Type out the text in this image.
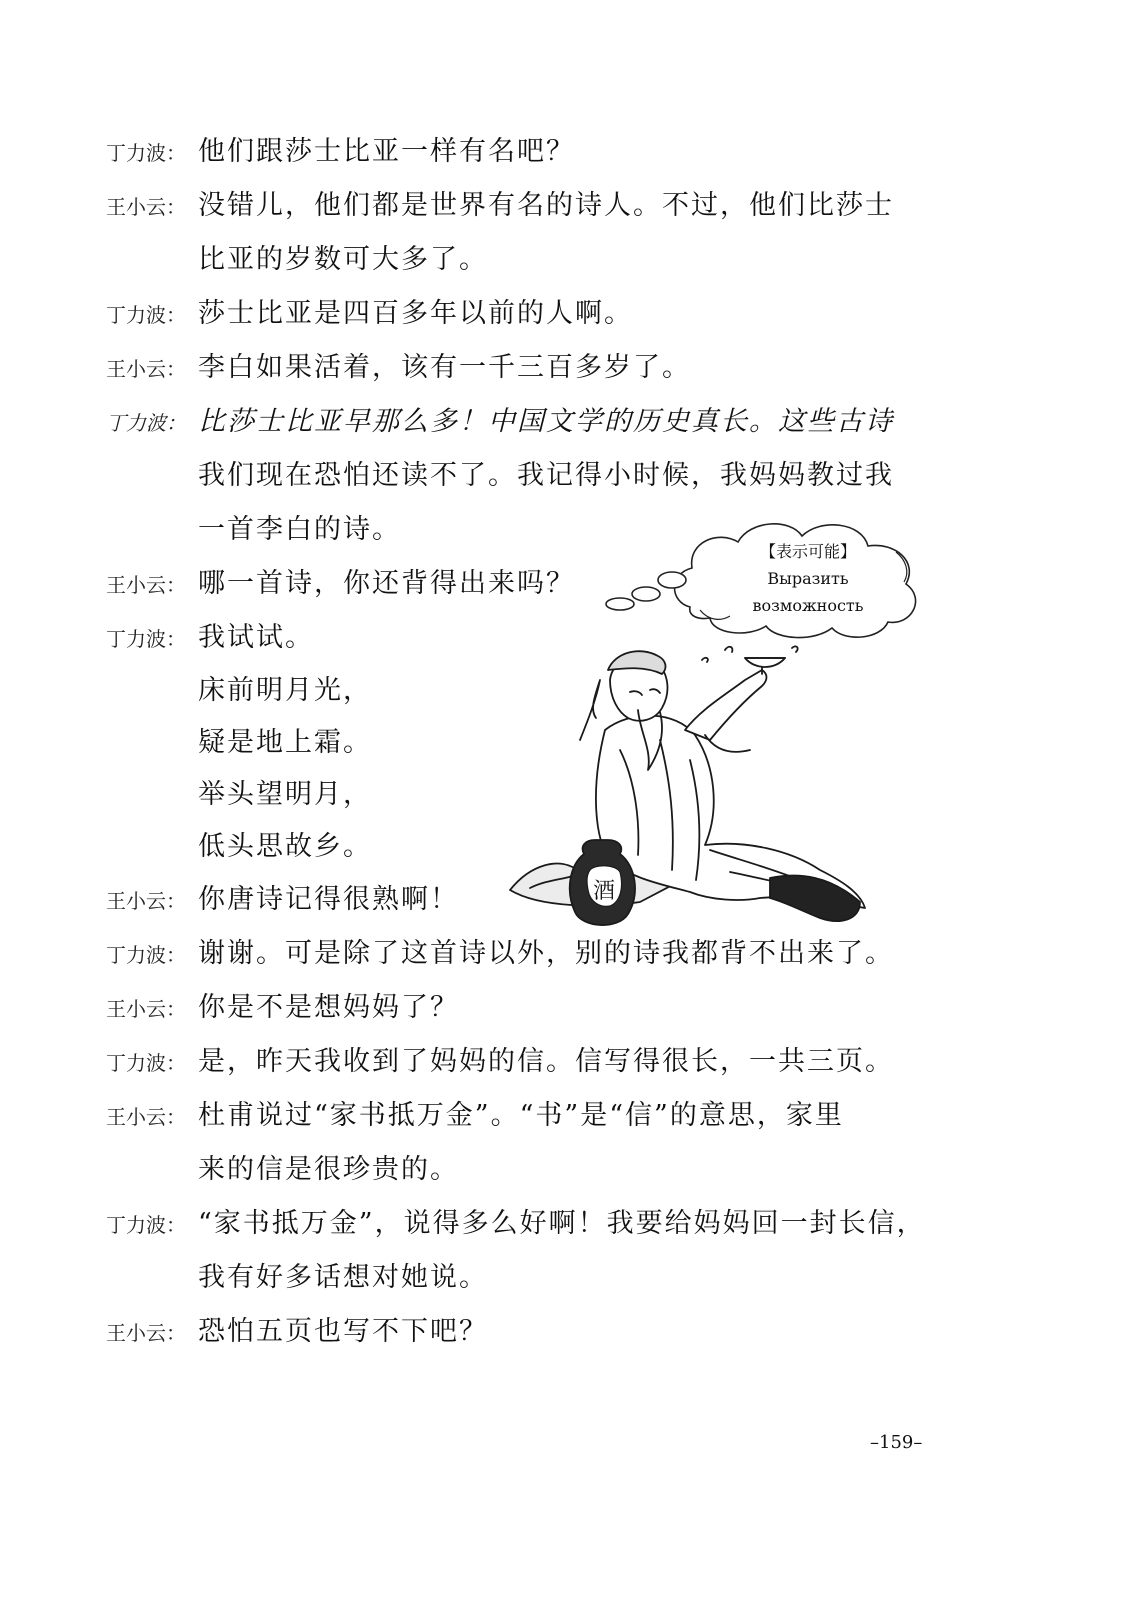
丁力波： 他们跟莎士比亚一样有名吧？
王小云： 没错儿，他们都是世界有名的诗人。不过，他们比莎士
比亚的岁数可大多了。
丁力波： 莎士比亚是四百多年以前的人啊。
王小云： 李白如果活着，该有一千三百多岁了。
丁力波： 比莎士比亚早那么多！中国文学的历史真长。这些古诗
我们现在恐怕还读不了。我记得小时候，我妈妈教过我
一首李白的诗。
王小云： 哪一首诗，你还背得出来吗？
丁力波： 我试试。
床前明月光，
疑是地上霜。
举头望明月，
低头思故乡。
王小云： 你唐诗记得很熟啊！
丁力波： 谢谢。可是除了这首诗以外，别的诗我都背不出来了。
王小云： 你是不是想妈妈了？
丁力波： 是，昨天我收到了妈妈的信。信写得很长，一共三页。
王小云： 杜甫说过“家书抵万金”。“书”是“信”的意思，家里
来的信是很珍贵的。
丁力波： “家书抵万金”，说得多么好啊！我要给妈妈回一封长信，
我有好多话想对她说。
王小云： 恐怕五页也写不下吧？
【表示可能】
Выразить
возможность
酒
–159–
